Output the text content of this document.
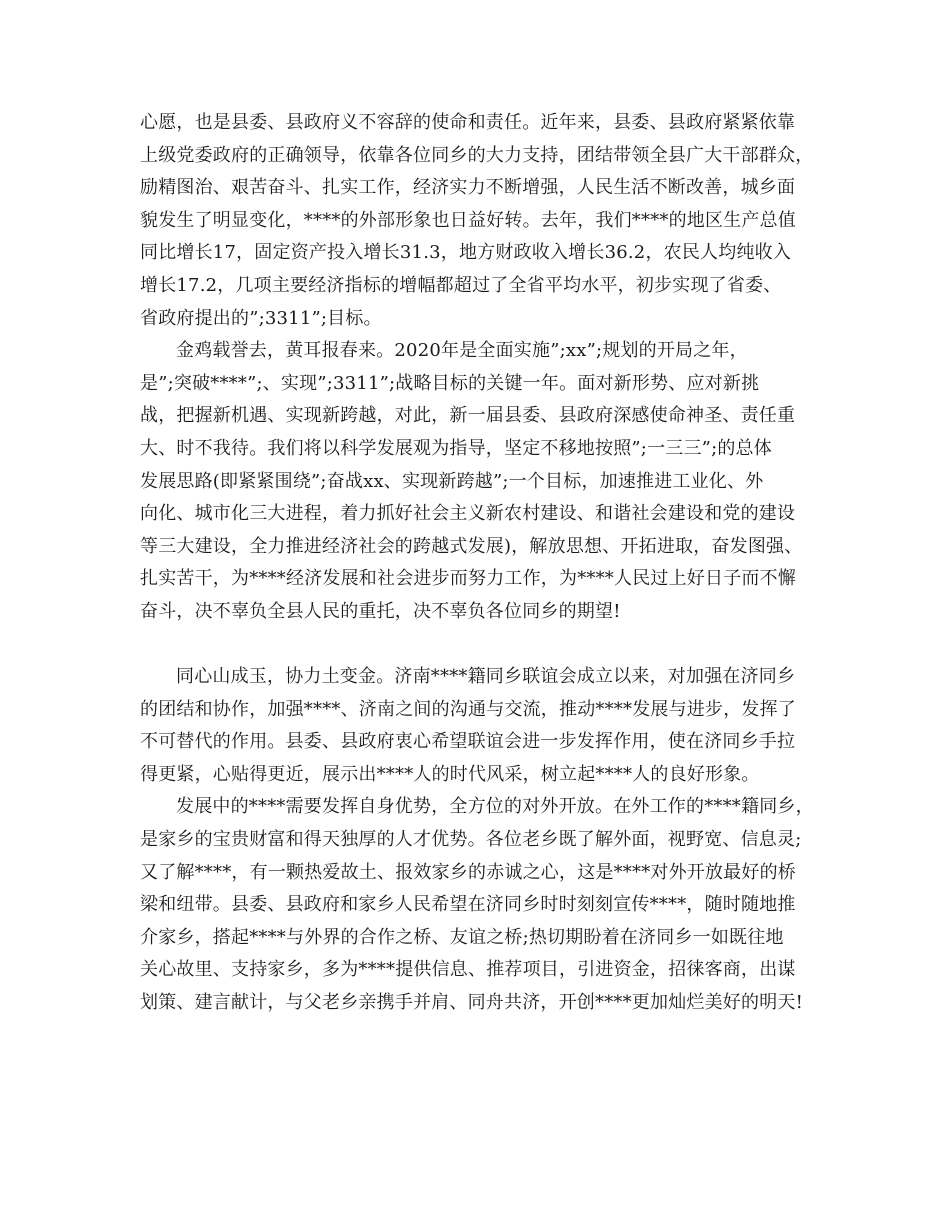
心愿，也是县委、县政府义不容辞的使命和责任。近年来，县委、县政府紧紧依靠
上级党委政府的正确领导，依靠各位同乡的大力支持，团结带领全县广大干部群众，
励精图治、艰苦奋斗、扎实工作，经济实力不断增强，人民生活不断改善，城乡面
貌发生了明显变化，****的外部形象也日益好转。去年，我们****的地区生产总值
同比增长17，固定资产投入增长31.3，地方财政收入增长36.2，农民人均纯收入
增长17.2，几项主要经济指标的增幅都超过了全省平均水平，初步实现了省委、
省政府提出的”;3311”;目标。
金鸡载誉去，黄耳报春来。2020年是全面实施”;xx”;规划的开局之年，
是”;突破****”;、实现”;3311”;战略目标的关键一年。面对新形势、应对新挑
战，把握新机遇、实现新跨越，对此，新一届县委、县政府深感使命神圣、责任重
大、时不我待。我们将以科学发展观为指导，坚定不移地按照”;一三三”;的总体
发展思路(即紧紧围绕”;奋战xx、实现新跨越”;一个目标，加速推进工业化、外
向化、城市化三大进程，着力抓好社会主义新农村建设、和谐社会建设和党的建设
等三大建设，全力推进经济社会的跨越式发展)，解放思想、开拓进取，奋发图强、
扎实苦干，为****经济发展和社会进步而努力工作，为****人民过上好日子而不懈
奋斗，决不辜负全县人民的重托，决不辜负各位同乡的期望!
同心山成玉，协力土变金。济南****籍同乡联谊会成立以来，对加强在济同乡
的团结和协作，加强****、济南之间的沟通与交流，推动****发展与进步，发挥了
不可替代的作用。县委、县政府衷心希望联谊会进一步发挥作用，使在济同乡手拉
得更紧，心贴得更近，展示出****人的时代风采，树立起****人的良好形象。
发展中的****需要发挥自身优势，全方位的对外开放。在外工作的****籍同乡，
是家乡的宝贵财富和得天独厚的人才优势。各位老乡既了解外面，视野宽、信息灵;
又了解****，有一颗热爱故土、报效家乡的赤诚之心，这是****对外开放最好的桥
梁和纽带。县委、县政府和家乡人民希望在济同乡时时刻刻宣传****，随时随地推
介家乡，搭起****与外界的合作之桥、友谊之桥;热切期盼着在济同乡一如既往地
关心故里、支持家乡，多为****提供信息、推荐项目，引进资金，招徕客商，出谋
划策、建言献计，与父老乡亲携手并肩、同舟共济，开创****更加灿烂美好的明天!
